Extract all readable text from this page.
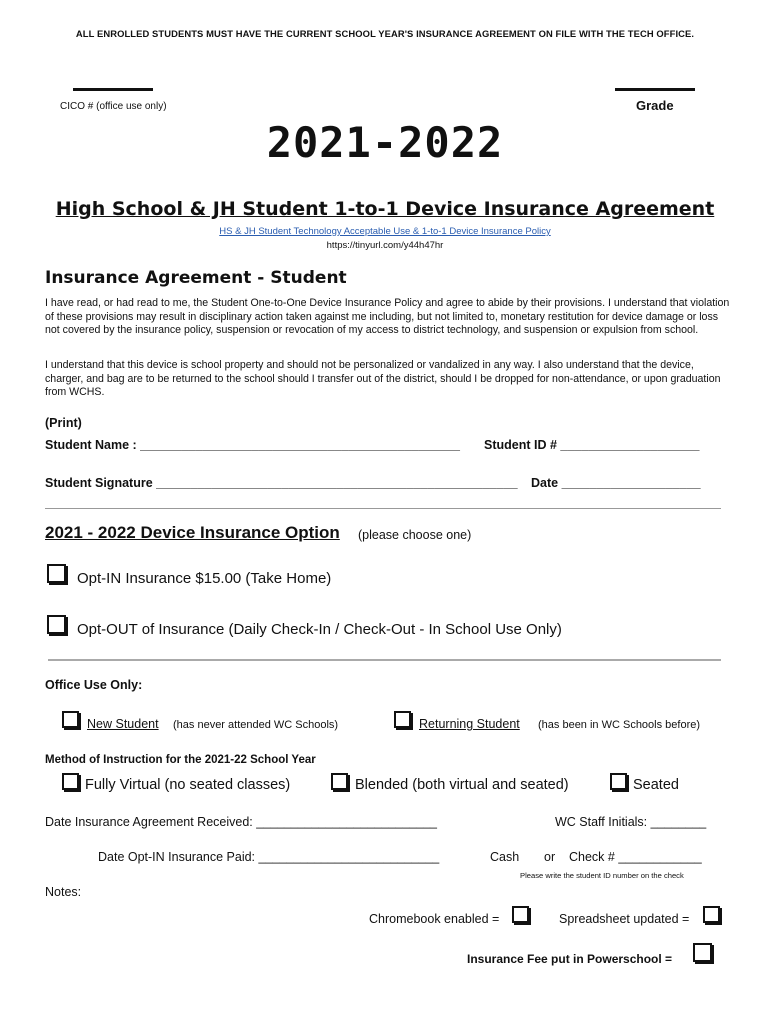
ALL ENROLLED STUDENTS MUST HAVE THE CURRENT SCHOOL YEAR'S INSURANCE AGREEMENT ON FILE WITH THE TECH OFFICE.
CICO # (office use only)	Grade
2021-2022
High School & JH Student 1-to-1 Device Insurance Agreement
HS & JH Student Technology Acceptable Use & 1-to-1 Device Insurance Policy
https://tinyurl.com/y44h47hr
Insurance Agreement - Student
I have read, or had read to me, the Student One-to-One Device Insurance Policy and agree to abide by their provisions. I understand that violation of these provisions may result in disciplinary action taken against me including, but not limited to, monetary restitution for device damage or loss not covered by the insurance policy, suspension or revocation of my access to district technology, and suspension or expulsion from school.
I understand that this device is school property and should not be personalized or vandalized in any way. I also understand that the device, charger, and bag are to be returned to the school should I transfer out of the district, should I be dropped for non-attendance, or upon graduation from WCHS.
(Print)
Student Name : ______________________________________________ Student ID # ____________________
Student Signature ____________________________________________________ Date ____________________
2021 - 2022 Device Insurance Option (please choose one)
Opt-IN Insurance $15.00 (Take Home)
Opt-OUT of Insurance (Daily Check-In / Check-Out - In School Use Only)
Office Use Only:
New Student (has never attended WC Schools)	Returning Student (has been in WC Schools before)
Method of Instruction for the 2021-22 School Year
Fully Virtual (no seated classes)	Blended (both virtual and seated)	Seated
Date Insurance Agreement Received: __________________________	WC Staff Initials: ________
Date Opt-IN Insurance Paid: __________________________	Cash or Check # ____________
Please write the student ID number on the check
Notes:
Chromebook enabled =	Spreadsheet updated =
Insurance Fee put in Powerschool =
